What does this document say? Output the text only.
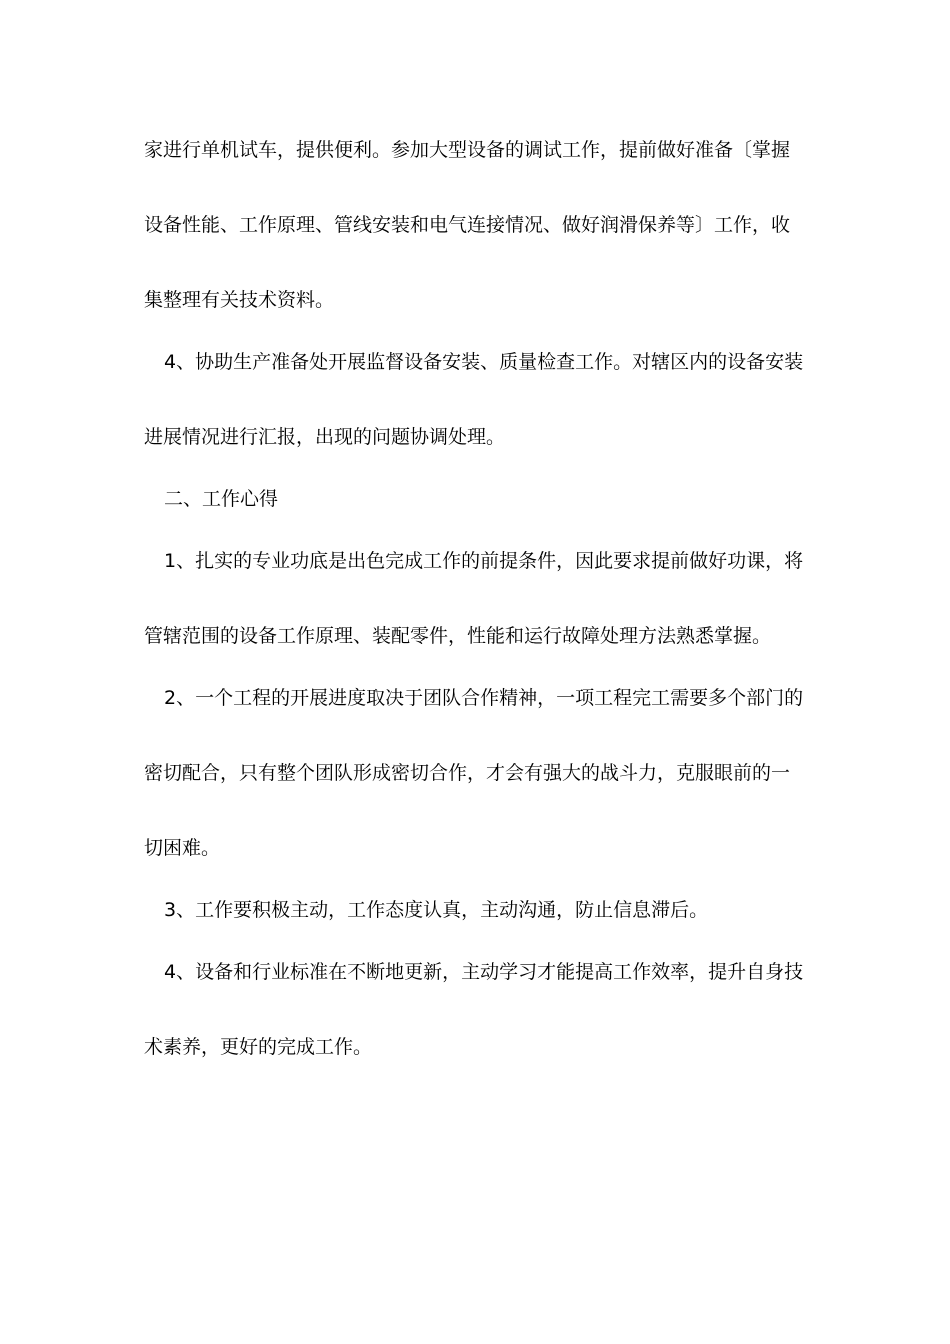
家进行单机试车，提供便利。参加大型设备的调试工作，提前做好准备〔掌握
设备性能、工作原理、管线安装和电气连接情况、做好润滑保养等〕工作，收
集整理有关技术资料。
4、协助生产准备处开展监督设备安装、质量检查工作。对辖区内的设备安装
进展情况进行汇报，出现的问题协调处理。
二、工作心得
1、扎实的专业功底是出色完成工作的前提条件，因此要求提前做好功课，将
管辖范围的设备工作原理、装配零件，性能和运行故障处理方法熟悉掌握。
2、一个工程的开展进度取决于团队合作精神，一项工程完工需要多个部门的
密切配合，只有整个团队形成密切合作，才会有强大的战斗力，克服眼前的一
切困难。
3、工作要积极主动，工作态度认真，主动沟通，防止信息滞后。
4、设备和行业标准在不断地更新，主动学习才能提高工作效率，提升自身技
术素养，更好的完成工作。
